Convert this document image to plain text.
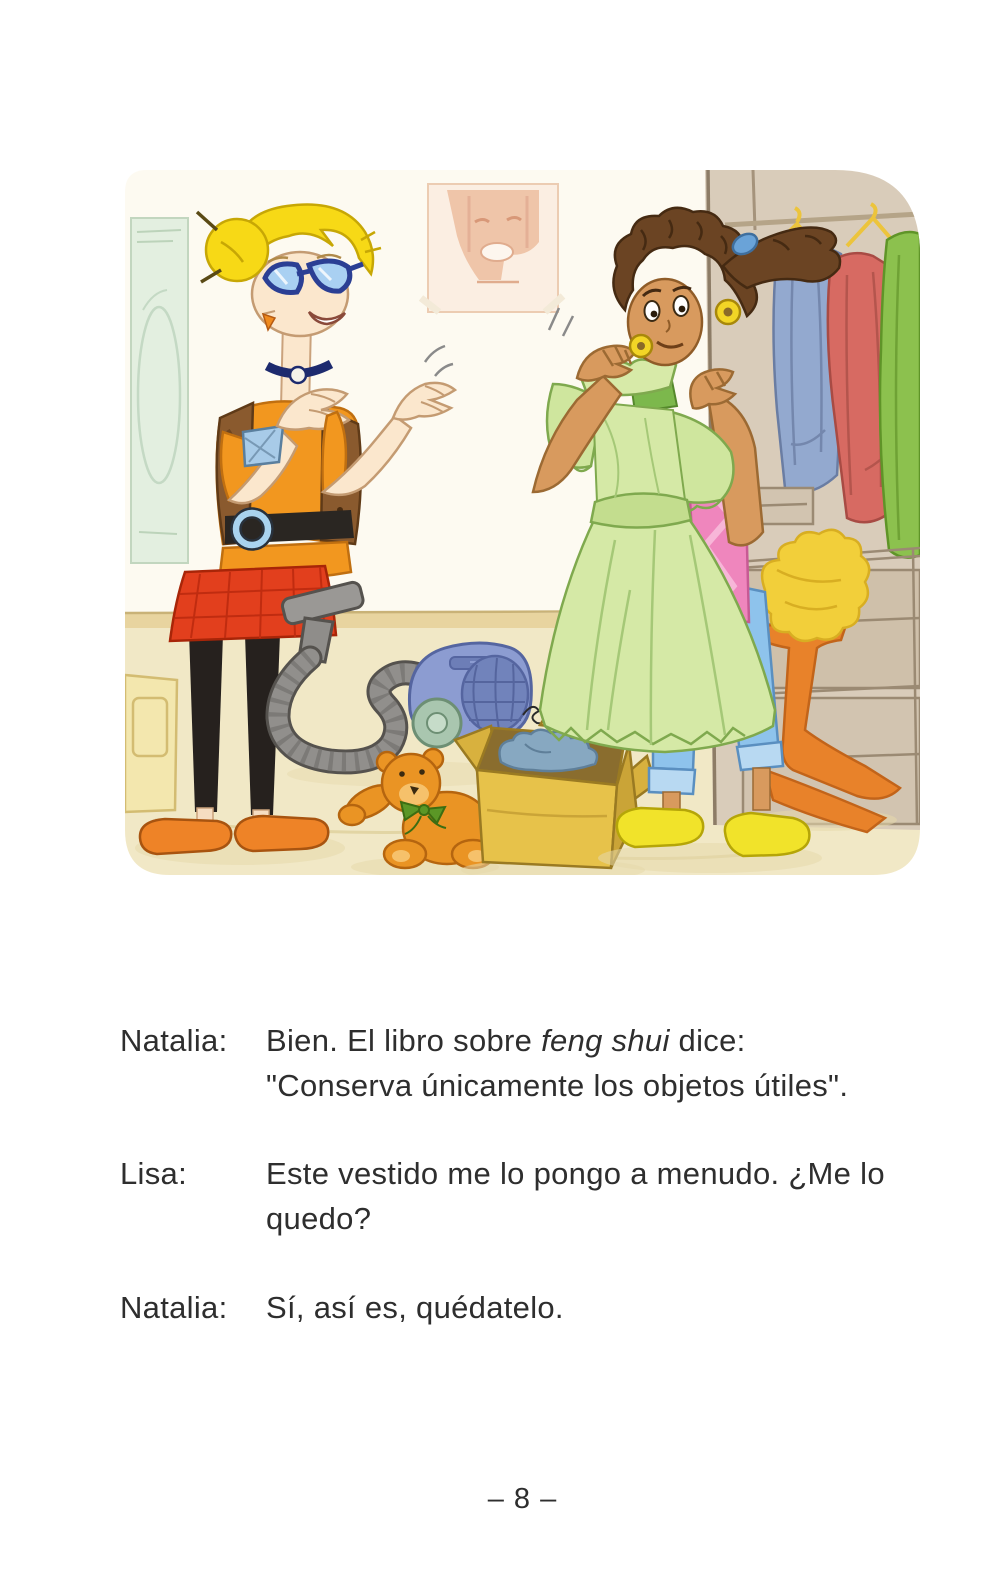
Natalia:	Bien. El libro sobre feng shui dice:
"Conserva únicamente los objetos útiles".

Lisa:	Este vestido me lo pongo a menudo. ¿Me lo
quedo?

Natalia:	Sí, así es, quédatelo.

– 8 –
